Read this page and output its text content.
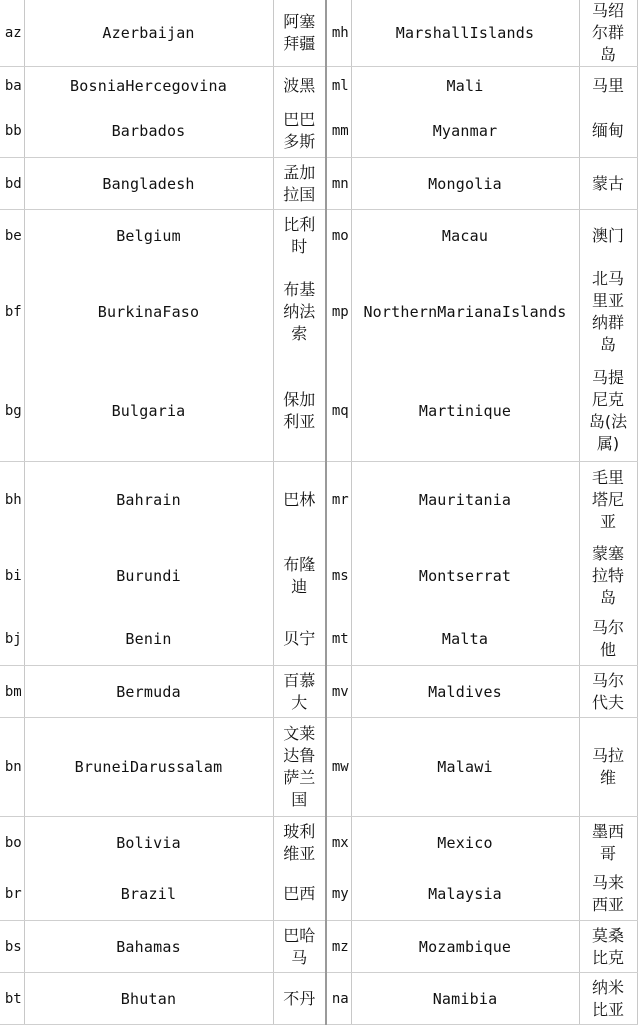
az	Azerbaijan	阿塞拜疆	mh	MarshallIslands	马绍尔群岛
ba	BosniaHercegovina	波黑	ml	Mali	马里
bb	Barbados	巴巴多斯	mm	Myanmar	缅甸
bd	Bangladesh	孟加拉国	mn	Mongolia	蒙古
be	Belgium	比利时	mo	Macau	澳门
bf	BurkinaFaso	布基纳法索	mp	NorthernMarianaIslands	北马里亚纳群岛
bg	Bulgaria	保加利亚	mq	Martinique	马提尼克岛(法属)
bh	Bahrain	巴林	mr	Mauritania	毛里塔尼亚
bi	Burundi	布隆迪	ms	Montserrat	蒙塞拉特岛
bj	Benin	贝宁	mt	Malta	马尔他
bm	Bermuda	百慕大	mv	Maldives	马尔代夫
bn	BruneiDarussalam	文莱达鲁萨兰国	mw	Malawi	马拉维
bo	Bolivia	玻利维亚	mx	Mexico	墨西哥
br	Brazil	巴西	my	Malaysia	马来西亚
bs	Bahamas	巴哈马	mz	Mozambique	莫桑比克
bt	Bhutan	不丹	na	Namibia	纳米比亚
